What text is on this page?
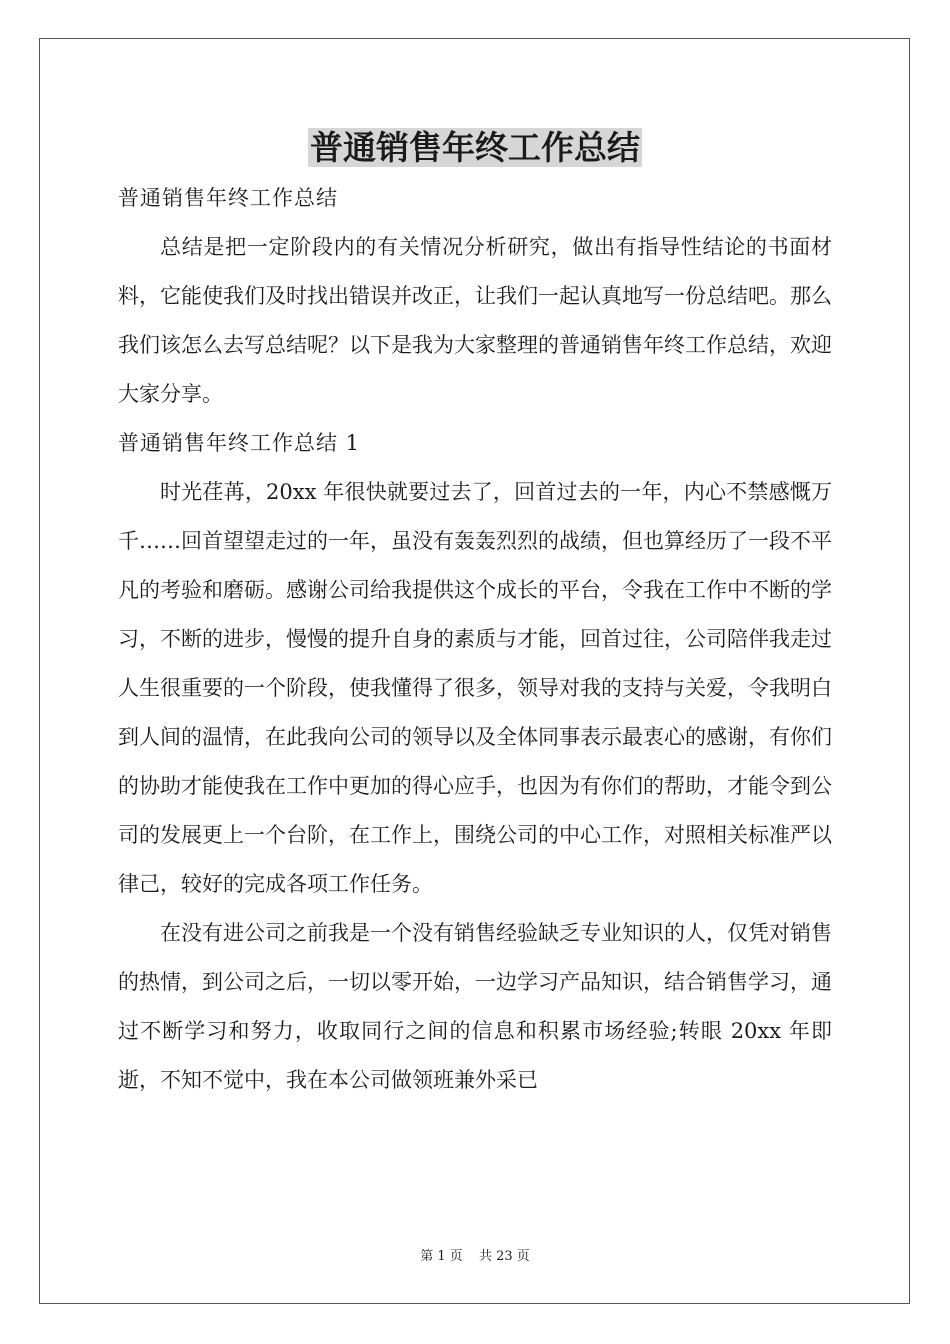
普通销售年终工作总结

普通销售年终工作总结

总结是把一定阶段内的有关情况分析研究，做出有指导性结论的书面材料，它能使我们及时找出错误并改正，让我们一起认真地写一份总结吧。那么我们该怎么去写总结呢？以下是我为大家整理的普通销售年终工作总结，欢迎大家分享。

普通销售年终工作总结 1

时光荏苒，20xx 年很快就要过去了，回首过去的一年，内心不禁感慨万千……回首望望走过的一年，虽没有轰轰烈烈的战绩，但也算经历了一段不平凡的考验和磨砺。感谢公司给我提供这个成长的平台，令我在工作中不断的学习，不断的进步，慢慢的提升自身的素质与才能，回首过往，公司陪伴我走过人生很重要的一个阶段，使我懂得了很多，领导对我的支持与关爱，令我明白到人间的温情，在此我向公司的领导以及全体同事表示最衷心的感谢，有你们的协助才能使我在工作中更加的得心应手，也因为有你们的帮助，才能令到公司的发展更上一个台阶，在工作上，围绕公司的中心工作，对照相关标准严以律己，较好的完成各项工作任务。

在没有进公司之前我是一个没有销售经验缺乏专业知识的人，仅凭对销售的热情，到公司之后，一切以零开始，一边学习产品知识，结合销售学习，通过不断学习和努力，收取同行之间的信息和积累市场经验;转眼 20xx 年即逝，不知不觉中，我在本公司做领班兼外采已

第 1 页 共 23 页
